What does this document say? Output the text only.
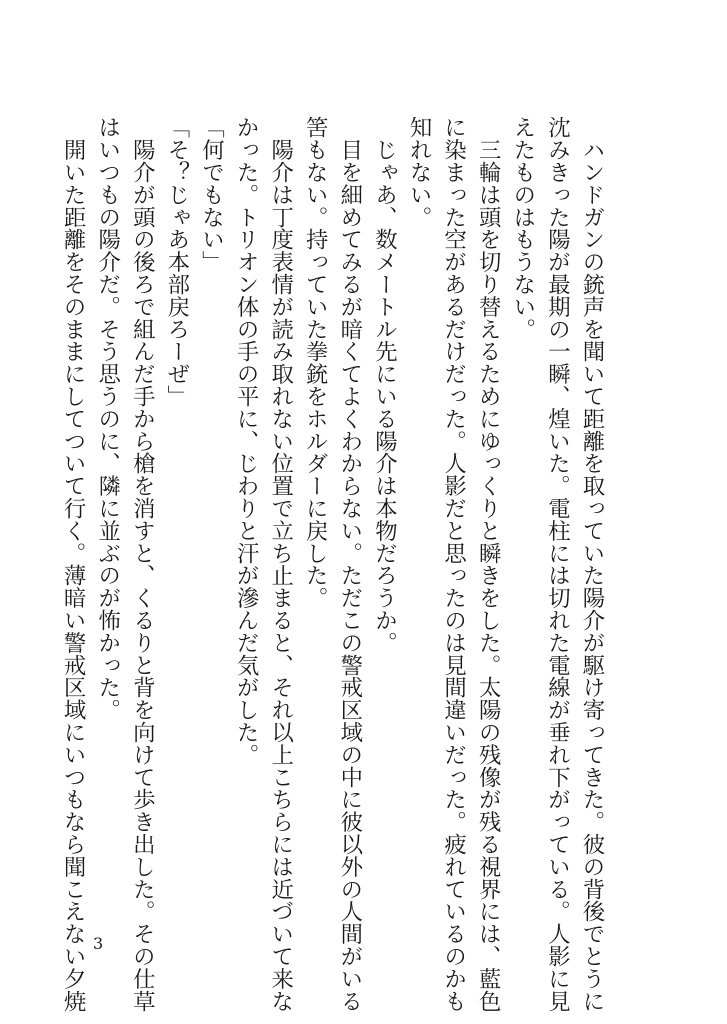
　ハンドガンの銃声を聞いて距離を取っていた陽介が駆け寄ってきた。彼の背後でとうに
沈みきった陽が最期の一瞬、煌いた。電柱には切れた電線が垂れ下がっている。人影に見
えたものはもうない。
　三輪は頭を切り替えるためにゆっくりと瞬きをした。太陽の残像が残る視界には、藍色
に染まった空があるだけだった。人影だと思ったのは見間違いだった。疲れているのかも
知れない。
　じゃあ、数メートル先にいる陽介は本物だろうか。
　目を細めてみるが暗くてよくわからない。ただこの警戒区域の中に彼以外の人間がいる
筈もない。持っていた拳銃をホルダーに戻した。
　陽介は丁度表情が読み取れない位置で立ち止まると、それ以上こちらには近づいて来な
かった。トリオン体の手の平に、じわりと汗が滲んだ気がした。
「何でもない」
「そ？じゃあ本部戻ろーぜ」
　陽介が頭の後ろで組んだ手から槍を消すと、くるりと背を向けて歩き出した。その仕草
はいつもの陽介だ。そう思うのに、隣に並ぶのが怖かった。
　開いた距離をそのままにしてついて行く。薄暗い警戒区域にいつもなら聞こえない夕焼 3
